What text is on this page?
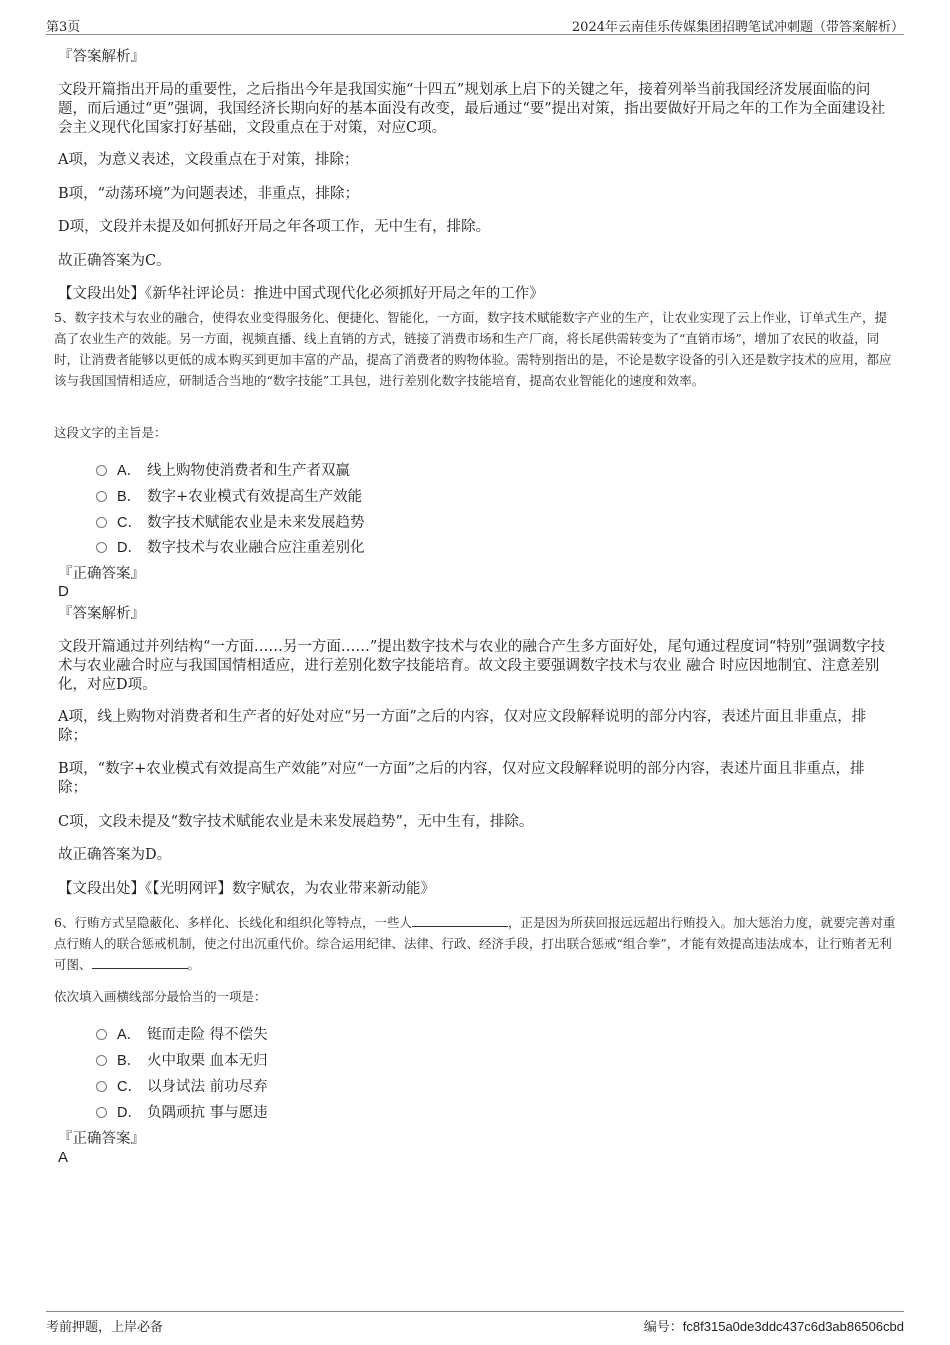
第3页	2024年云南佳乐传媒集团招聘笔试冲刺题（带答案解析）
『答案解析』
文段开篇指出开局的重要性，之后指出今年是我国实施“十四五”规划承上启下的关键之年，接着列举当前我国经济发展面临的问题，而后通过“更”强调，我国经济长期向好的基本面没有改变，最后通过“要”提出对策，指出要做好开局之年的工作为全面建设社会主义现代化国家打好基础，文段重点在于对策，对应C项。
A项，为意义表述，文段重点在于对策，排除；
B项，“动荡环境”为问题表述，非重点，排除；
D项，文段并未提及如何抓好开局之年各项工作，无中生有，排除。
故正确答案为C。
【文段出处】《新华社评论员：推进中国式现代化必须抓好开局之年的工作》
5、数字技术与农业的融合，使得农业变得服务化、便捷化、智能化，一方面，数字技术赋能数字产业的生产，让农业实现了云上作业，订单式生产，提高了农业生产的效能。另一方面，视频直播、线上直销的方式，链接了消费市场和生产厂商，将长尾供需转变为了“直销市场”，增加了农民的收益，同时，让消费者能够以更低的成本购买到更加丰富的产品，提高了消费者的购物体验。需特别指出的是，不论是数字设备的引入还是数字技术的应用，都应该与我国国情相适应，研制适合当地的“数字技能”工具包，进行差别化数字技能培育，提高农业智能化的速度和效率。
这段文字的主旨是：
A． 线上购物使消费者和生产者双赢
B． 数字+农业模式有效提高生产效能
C． 数字技术赋能农业是未来发展趋势
D． 数字技术与农业融合应注重差别化
『正确答案』
D
『答案解析』
文段开篇通过并列结构“一方面……另一方面……”提出数字技术与农业的融合产生多方面好处，尾句通过程度词“特别”强调数字技术与农业融合时应与我国国情相适应，进行差别化数字技能培育。故文段主要强调数字技术与农业 融合 时应因地制宜、注意差别化，对应D项。
A项，线上购物对消费者和生产者的好处对应“另一方面”之后的内容，仅对应文段解释说明的部分内容，表述片面且非重点，排除；
B项，“数字+农业模式有效提高生产效能”对应“一方面”之后的内容，仅对应文段解释说明的部分内容，表述片面且非重点，排除；
C项，文段未提及“数字技术赋能农业是未来发展趋势”，无中生有，排除。
故正确答案为D。
【文段出处】《【光明网评】数字赋农，为农业带来新动能》
6、行贿方式呈隐蔽化、多样化、长线化和组织化等特点，一些人	，正是因为所获回报远远超出行贿投入。加大惩治力度，就要完善对重点行贿人的联合惩戒机制，使之付出沉重代价。综合运用纪律、法律、行政、经济手段，打出联合惩戒“组合拳”，才能有效提高违法成本，让行贿者无利可图、	。
依次填入画横线部分最恰当的一项是：
A． 铤而走险 得不偿失
B． 火中取栗 血本无归
C． 以身试法 前功尽弃
D． 负隅顽抗 事与愿违
『正确答案』
A
考前押题，上岸必备	编号：fc8f315a0de3ddc437c6d3ab86506cbd
